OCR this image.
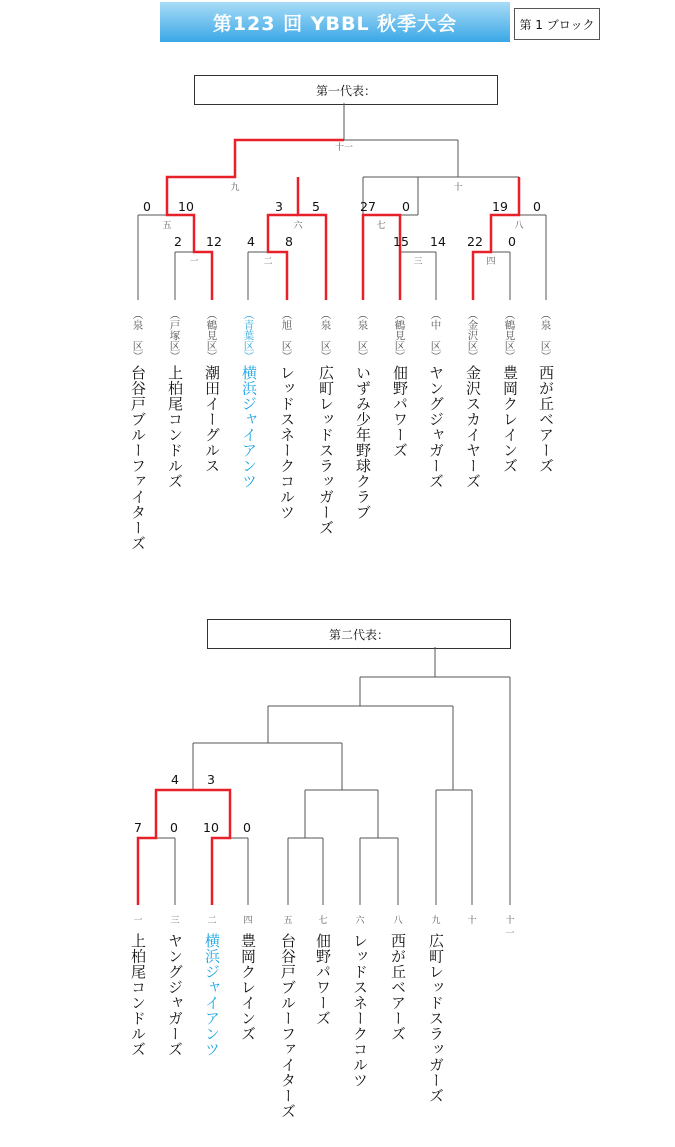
第123 回 YBBL 秋季大会	第 1 ブロック
第一代表：
第二代表：
十一
九	十
五	六	七	八
一	二	三	四
0 10	3 5	27 0	19 0
2 12 4 8	15 14 22 0
4 3
7 0 10 0
（泉　区） （戸塚区） （鶴見区） （青葉区） （旭　区）	（泉　区） （泉　区） （鶴見区） （中　区） （金沢区） （鶴見区） （泉　区）
台谷戸ブルーファイターズ 上柏尾コンドルズ 潮田イーグルス 横浜ジャイアンツ レッドスネークコルツ 広町レッドスラッガーズ いずみ少年野球クラブ 佃野パワーズ ヤングジャガーズ 金沢スカイヤーズ 豊岡クレインズ 西が丘ベアーズ
一	三	二	四	五	七	六	八	九	十	十一
上柏尾コンドルズ ヤングジャガーズ 横浜ジャイアンツ 豊岡クレインズ 台谷戸ブルーファイターズ 佃野パワーズ レッドスネークコルツ 西が丘ベアーズ 広町レッドスラッガーズ
